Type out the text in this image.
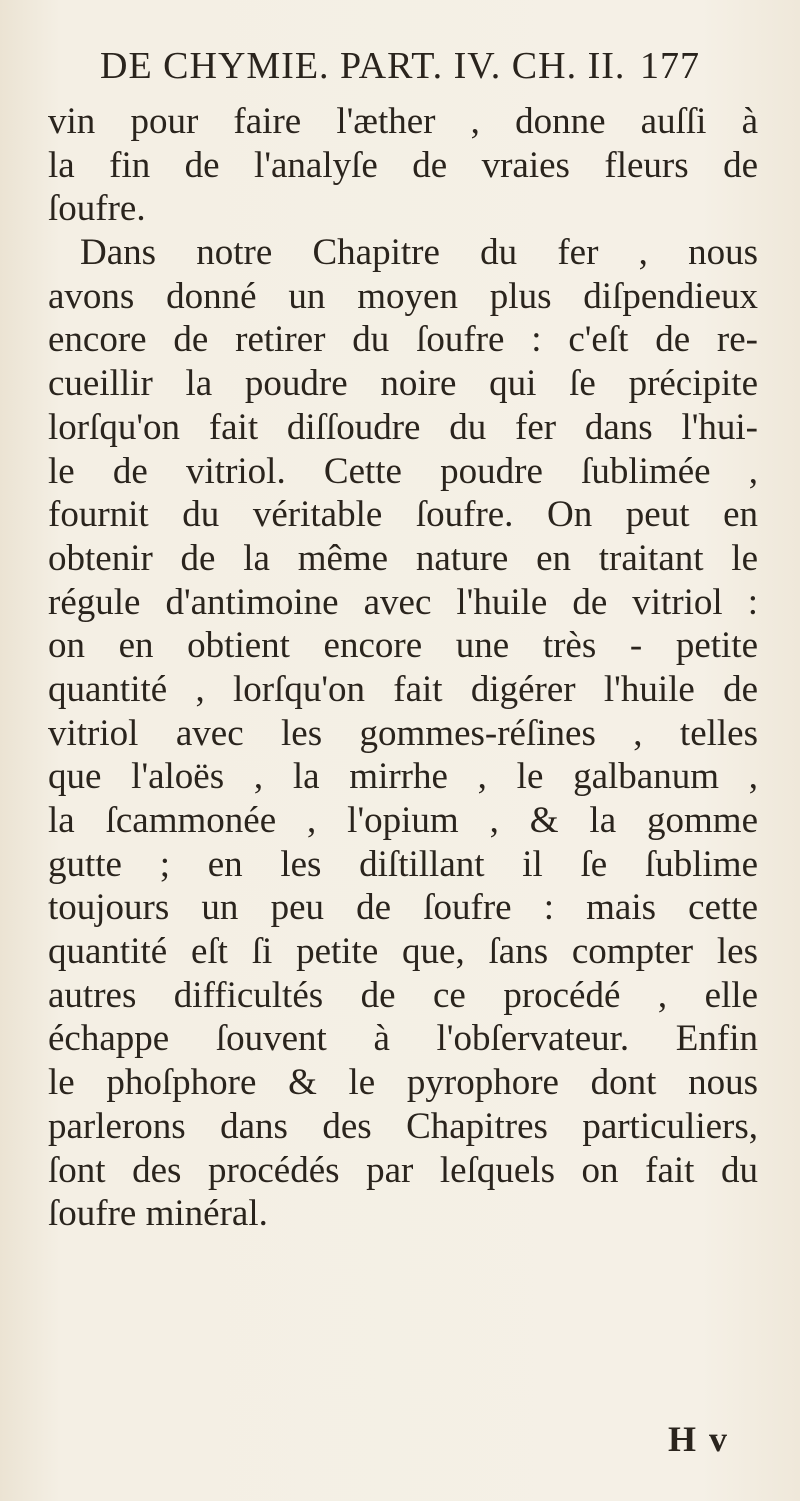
DE CHYMIE. PART. IV. CH. II. 177
vin pour faire l'æther , donne auſſi à
la fin de l'analyſe de vraies fleurs de
ſoufre.
Dans notre Chapitre du fer , nous
avons donné un moyen plus diſpendieux
encore de retirer du ſoufre : c'eſt de re-
cueillir la poudre noire qui ſe précipite
lorſqu'on fait diſſoudre du fer dans l'hui-
le de vitriol. Cette poudre ſublimée ,
fournit du véritable ſoufre. On peut en
obtenir de la même nature en traitant le
régule d'antimoine avec l'huile de vitriol :
on en obtient encore une très - petite
quantité , lorſqu'on fait digérer l'huile de
vitriol avec les gommes-réſines , telles
que l'aloës , la mirrhe , le galbanum ,
la ſcammonée , l'opium , & la gomme
gutte ; en les diſtillant il ſe ſublime
toujours un peu de ſoufre : mais cette
quantité eſt ſi petite que, ſans compter les
autres difficultés de ce procédé , elle
échappe ſouvent à l'obſervateur. Enfin
le phoſphore & le pyrophore dont nous
parlerons dans des Chapitres particuliers,
ſont des procédés par leſquels on fait du
ſoufre minéral.
H v
